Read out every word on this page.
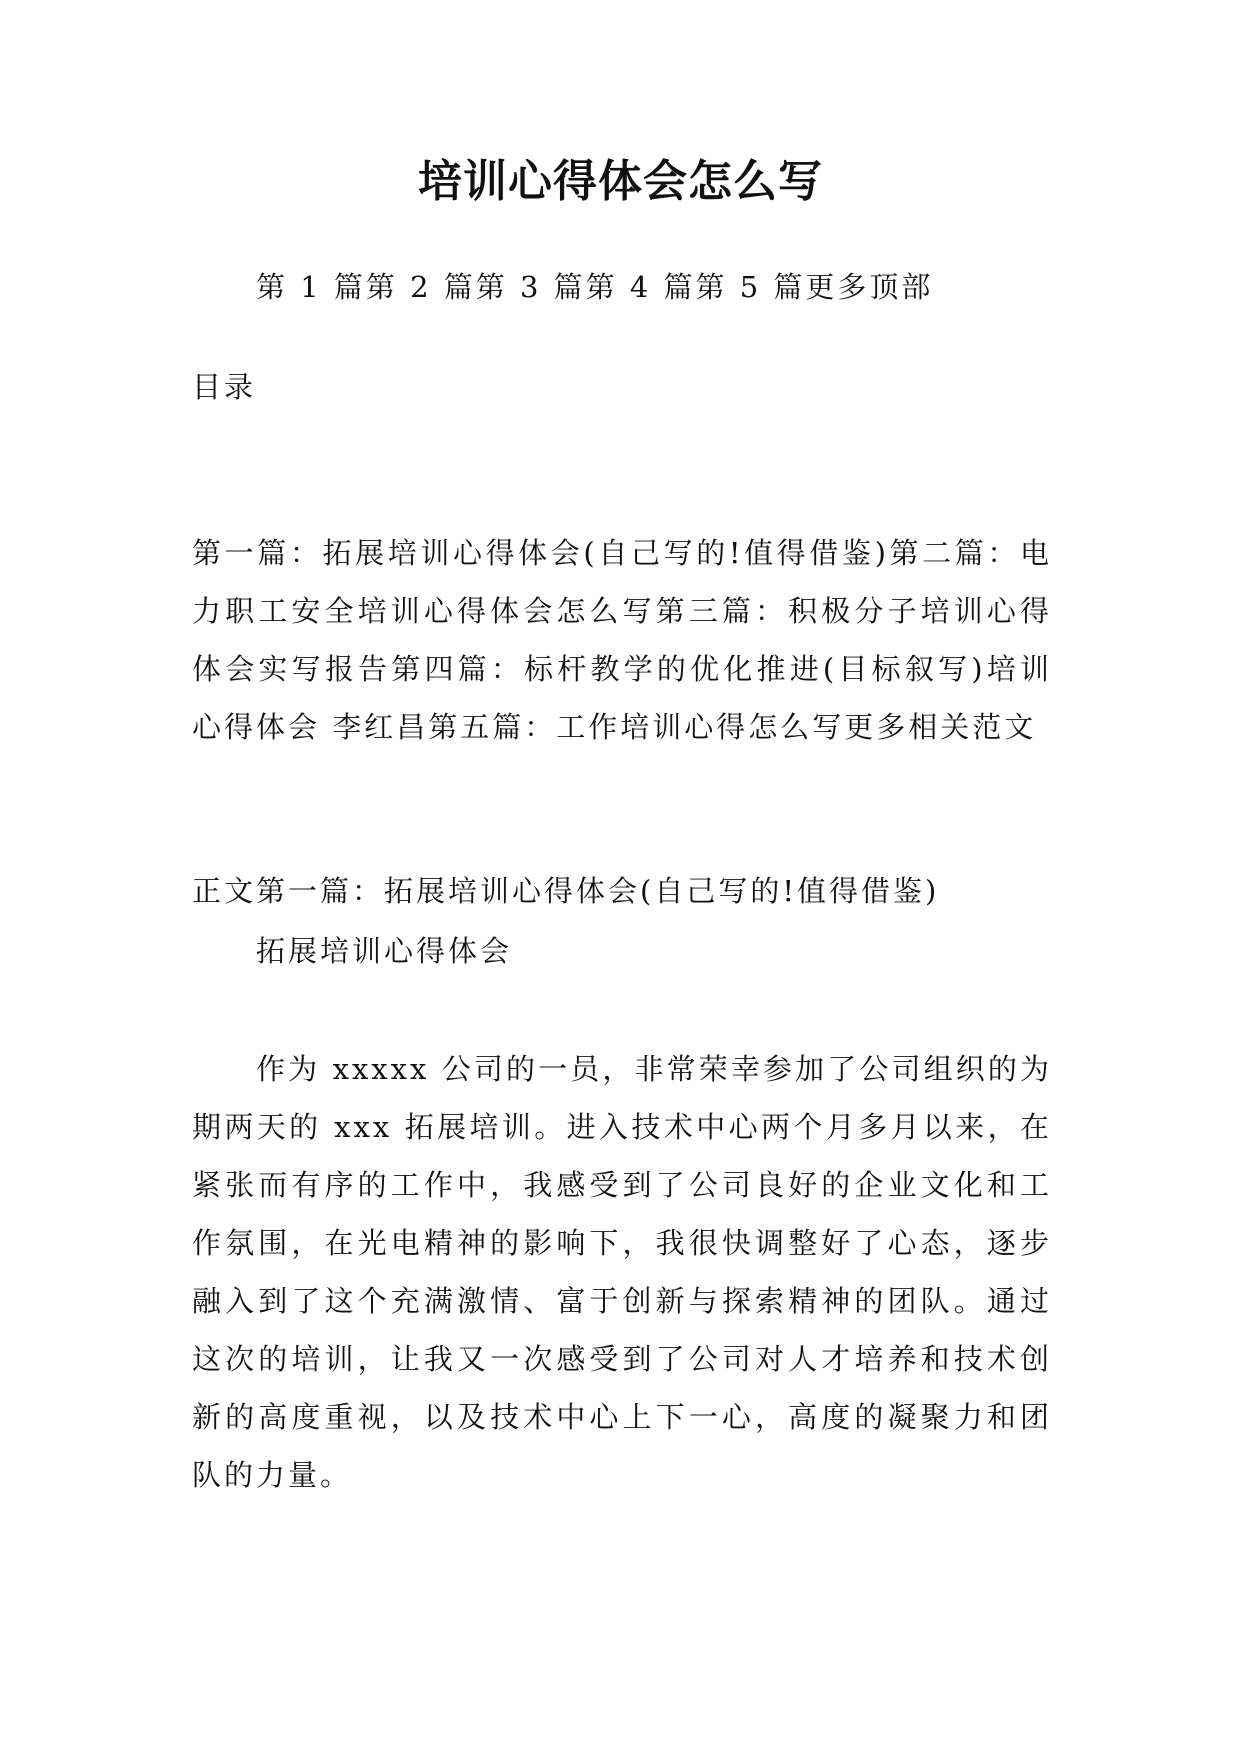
培训心得体会怎么写
第 1 篇第 2 篇第 3 篇第 4 篇第 5 篇更多顶部
目录
第一篇：拓展培训心得体会(自己写的!值得借鉴)第二篇：电力职工安全培训心得体会怎么写第三篇：积极分子培训心得体会实写报告第四篇：标杆教学的优化推进(目标叙写)培训心得体会 李红昌第五篇：工作培训心得怎么写更多相关范文
正文第一篇：拓展培训心得体会(自己写的!值得借鉴)
拓展培训心得体会
作为 xxxxx 公司的一员，非常荣幸参加了公司组织的为期两天的 xxx 拓展培训。进入技术中心两个月多月以来，在紧张而有序的工作中，我感受到了公司良好的企业文化和工作氛围，在光电精神的影响下，我很快调整好了心态，逐步融入到了这个充满激情、富于创新与探索精神的团队。通过这次的培训，让我又一次感受到了公司对人才培养和技术创新的高度重视，以及技术中心上下一心，高度的凝聚力和团队的力量。
